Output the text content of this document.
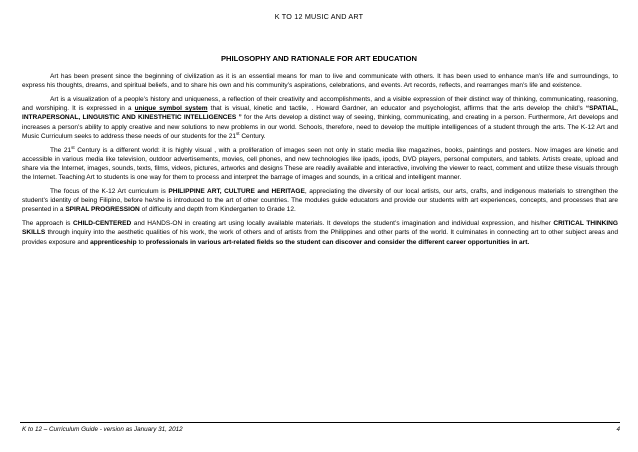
K TO 12 MUSIC AND ART
PHILOSOPHY AND RATIONALE FOR ART EDUCATION

Art has been present since the beginning of civilization as it is an essential means for man to live and communicate with others. It has been used to enhance man’s life and surroundings, to express his thoughts, dreams, and spiritual beliefs, and to share his own and his community’s aspirations, celebrations, and events. Art records, reflects, and rearranges man’s life and existence.

Art is a visualization of a people’s history and uniqueness, a reflection of their creativity and accomplishments, and a visible expression of their distinct way of thinking, communicating, reasoning, and worshiping. It is expressed in a unique symbol system that is visual, kinetic and tactile, . Howard Gardner, an educator and psychologist, affirms that the arts develop the child’s “SPATIAL, INTRAPERSONAL, LINGUISTIC AND KINESTHETIC INTELLIGENCES ” for the Arts develop a distinct way of seeing, thinking, communicating, and creating in a person. Furthermore, Art develops and increases a person’s ability to apply creative and new solutions to new problems in our world. Schools, therefore, need to develop the multiple intelligences of a student through the arts. The K-12 Art and Music Curriculum seeks to address these needs of our students for the 21st Century.

The 21st Century is a different world: it is highly visual , with a proliferation of images seen not only in static media like magazines, books, paintings and posters. Now images are kinetic and accessible in various media like television, outdoor advertisements, movies, cell phones, and new technologies like ipads, ipods, DVD players, personal computers, and tablets. Artists create, upload and share via the Internet, images, sounds, texts, films, videos, pictures, artworks and designs These are readily available and interactive, involving the viewer to react, comment and utilize these visuals through the Internet. Teaching Art to students is one way for them to process and interpret the barrage of images and sounds, in a critical and intelligent manner.

The focus of the K-12 Art curriculum is PHILIPPINE ART, CULTURE and HERITAGE, appreciating the diversity of our local artists, our arts, crafts, and indigenous materials to strengthen the student’s identity of being Filipino, before he/she is introduced to the art of other countries. The modules guide educators and provide our students with art experiences, concepts, and processes that are presented in a SPIRAL PROGRESSION of difficulty and depth from Kindergarten to Grade 12.

The approach is CHILD-CENTERED and HANDS-ON in creating art using locally available materials. It develops the student’s imagination and individual expression, and his/her CRITICAL THINKING SKILLS through inquiry into the aesthetic qualities of his work, the work of others and of artists from the Philippines and other parts of the world. It culminates in connecting art to other subject areas and provides exposure and apprenticeship to professionals in various art-related fields so the student can discover and consider the different career opportunities in art.

K to 12 – Curriculum Guide - version as January 31, 2012	4
